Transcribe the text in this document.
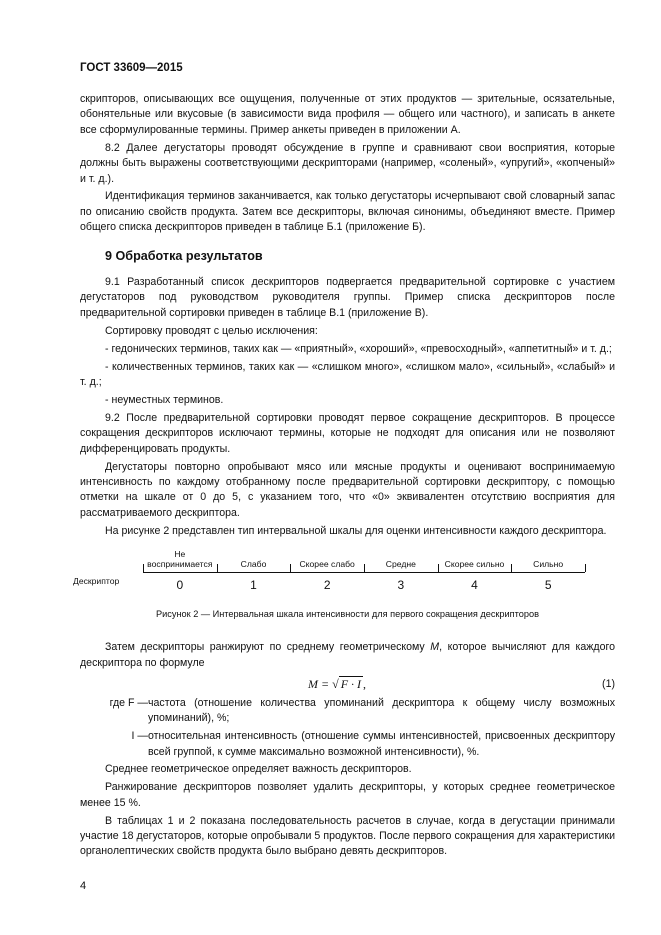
ГОСТ 33609—2015

скрипторов, описывающих все ощущения, полученные от этих продуктов — зрительные, осязательные, обонятельные или вкусовые (в зависимости вида профиля — общего или частного), и записать в анкете все сформулированные термины. Пример анкеты приведен в приложении А.

8.2 Далее дегустаторы проводят обсуждение в группе и сравнивают свои восприятия, которые должны быть выражены соответствующими дескрипторами (например, «соленый», «упругий», «копченый» и т. д.).

Идентификация терминов заканчивается, как только дегустаторы исчерпывают свой словарный запас по описанию свойств продукта. Затем все дескрипторы, включая синонимы, объединяют вместе. Пример общего списка дескрипторов приведен в таблице Б.1 (приложение Б).

9 Обработка результатов

9.1 Разработанный список дескрипторов подвергается предварительной сортировке с участием дегустаторов под руководством руководителя группы. Пример списка дескрипторов после предварительной сортировки приведен в таблице В.1 (приложение В).

Сортировку проводят с целью исключения:

- гедонических терминов, таких как — «приятный», «хороший», «превосходный», «аппетитный» и т. д.;

- количественных терминов, таких как — «слишком много», «слишком мало», «сильный», «слабый» и т. д.;

- неуместных терминов.

9.2 После предварительной сортировки проводят первое сокращение дескрипторов. В процессе сокращения дескрипторов исключают термины, которые не подходят для описания или не позволяют дифференцировать продукты.

Дегустаторы повторно опробывают мясо или мясные продукты и оценивают воспринимаемую интенсивность по каждому отобранному после предварительной сортировки дескриптору, с помощью отметки на шкале от 0 до 5, с указанием того, что «0» эквивалентен отсутствию восприятия для рассматриваемого дескриптора.

На рисунке 2 представлен тип интервальной шкалы для оценки интенсивности каждого дескриптора.

Дескриптор
Не
воспринимается
0
Слабо
1
Скорее слабо
2
Средне
3
Скорее сильно
4
Сильно
5
Рисунок 2 — Интервальная шкала интенсивности для первого сокращения дескрипторов

Затем дескрипторы ранжируют по среднему геометрическому M, которое вычисляют для каждого дескриптора по формуле

M = √ F · I ,	(1)

где F — частота (отношение количества упоминаний дескриптора к общему числу возможных упоминаний), %;

I — относительная интенсивность (отношение суммы интенсивностей, присвоенных дескриптору всей группой, к сумме максимально возможной интенсивности), %.

Среднее геометрическое определяет важность дескрипторов.

Ранжирование дескрипторов позволяет удалить дескрипторы, у которых среднее геометрическое менее 15 %.

В таблицах 1 и 2 показана последовательность расчетов в случае, когда в дегустации принимали участие 18 дегустаторов, которые опробывали 5 продуктов. После первого сокращения для характеристики органолептических свойств продукта было выбрано девять дескрипторов.

4
